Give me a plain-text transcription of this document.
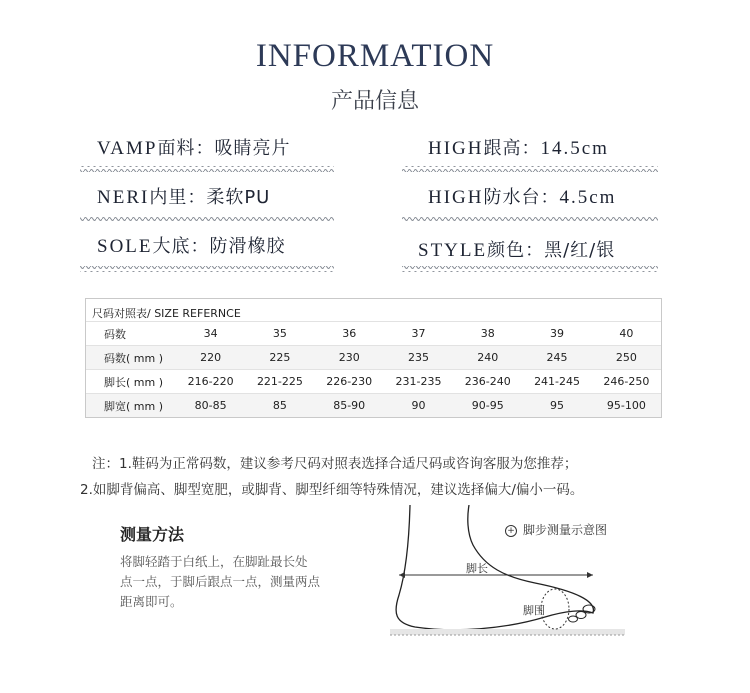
INFORMATION
产品信息
VAMP面料：吸睛亮片	HIGH跟高：14.5cm
NERI内里：柔软PU	HIGH防水台：4.5cm
SOLE大底：防滑橡胶	STYLE颜色：黑/红/银
尺码对照表/ SIZE REFERNCE
码数	34	35	36	37	38	39	40
码数( mm )	220	225	230	235	240	245	250
脚长( mm )	216-220	221-225	226-230	231-235	236-240	241-245	246-250
脚宽( mm )	80-85	85	85-90	90	90-95	95	95-100
注：1.鞋码为正常码数，建议参考尺码对照表选择合适尺码或咨询客服为您推荐；
2.如脚背偏高、脚型宽肥，或脚背、脚型纤细等特殊情况，建议选择偏大/偏小一码。
测量方法
将脚轻踏于白纸上，在脚趾最长处
点一点，于脚后跟点一点，测量两点
距离即可。
+ 脚步测量示意图
脚长
脚围
